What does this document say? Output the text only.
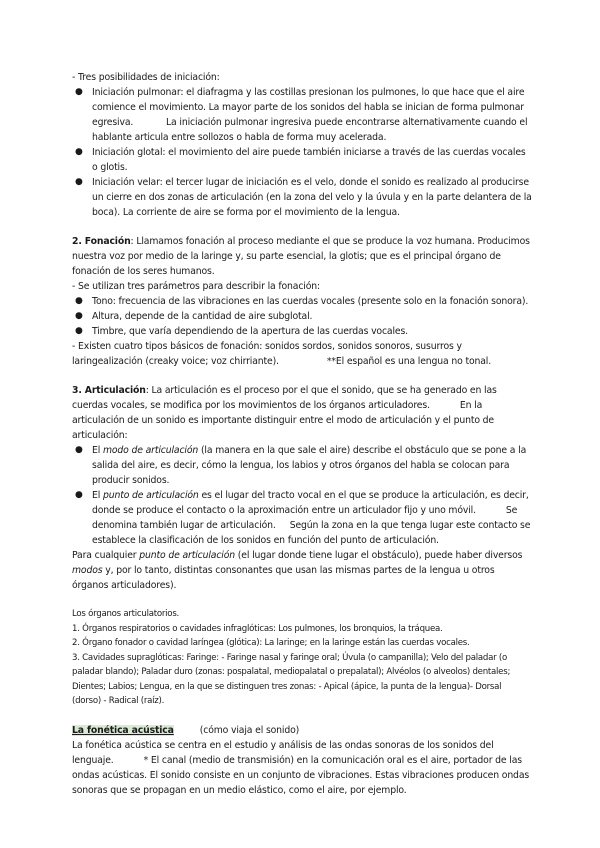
- Tres posibilidades de iniciación:

● Iniciación pulmonar: el diafragma y las costillas presionan los pulmones, lo que hace que el aire comience el movimiento. La mayor parte de los sonidos del habla se inician de forma pulmonar egresiva.	La iniciación pulmonar ingresiva puede encontrarse alternativamente cuando el hablante articula entre sollozos o habla de forma muy acelerada.
● Iniciación glotal: el movimiento del aire puede también iniciarse a través de las cuerdas vocales o glotis.
● Iniciación velar: el tercer lugar de iniciación es el velo, donde el sonido es realizado al producirse un cierre en dos zonas de articulación (en la zona del velo y la úvula y en la parte delantera de la boca). La corriente de aire se forma por el movimiento de la lengua.

2. Fonación: Llamamos fonación al proceso mediante el que se produce la voz humana. Producimos nuestra voz por medio de la laringe y, su parte esencial, la glotis; que es el principal órgano de fonación de los seres humanos.

- Se utilizan tres parámetros para describir la fonación:

● Tono: frecuencia de las vibraciones en las cuerdas vocales (presente solo en la fonación sonora).
● Altura, depende de la cantidad de aire subglotal.
● Timbre, que varía dependiendo de la apertura de las cuerdas vocales.

- Existen cuatro tipos básicos de fonación: sonidos sordos, sonidos sonoros, susurros y laringealización (creaky voice; voz chirriante).	**El español es una lengua no tonal.

3. Articulación: La articulación es el proceso por el que el sonido, que se ha generado en las cuerdas vocales, se modifica por los movimientos de los órganos articuladores.	En la articulación de un sonido es importante distinguir entre el modo de articulación y el punto de articulación:

● El modo de articulación (la manera en la que sale el aire) describe el obstáculo que se pone a la salida del aire, es decir, cómo la lengua, los labios y otros órganos del habla se colocan para producir sonidos.
● El punto de articulación es el lugar del tracto vocal en el que se produce la articulación, es decir, donde se produce el contacto o la aproximación entre un articulador fijo y uno móvil.	Se denomina también lugar de articulación. Según la zona en la que tenga lugar este contacto se establece la clasificación de los sonidos en función del punto de articulación.

Para cualquier punto de articulación (el lugar donde tiene lugar el obstáculo), puede haber diversos modos y, por lo tanto, distintas consonantes que usan las mismas partes de la lengua u otros órganos articuladores).

Los órganos articulatorios.

1. Órganos respiratorios o cavidades infraglóticas: Los pulmones, los bronquios, la tráquea.

2. Órgano fonador o cavidad laríngea (glótica): La laringe; en la laringe están las cuerdas vocales.

3. Cavidades supraglóticas: Faringe: - Faringe nasal y faringe oral; Úvula (o campanilla); Velo del paladar (o paladar blando); Paladar duro (zonas: pospalatal, mediopalatal o prepalatal); Alvéolos (o alveolos) dentales; Dientes; Labios; Lengua, en la que se distinguen tres zonas: - Apical (ápice, la punta de la lengua)- Dorsal (dorso) - Radical (raíz).

La fonética acústica	(cómo viaja el sonido)

La fonética acústica se centra en el estudio y análisis de las ondas sonoras de los sonidos del lenguaje.	* El canal (medio de transmisión) en la comunicación oral es el aire, portador de las ondas acústicas. El sonido consiste en un conjunto de vibraciones. Estas vibraciones producen ondas sonoras que se propagan en un medio elástico, como el aire, por ejemplo.
